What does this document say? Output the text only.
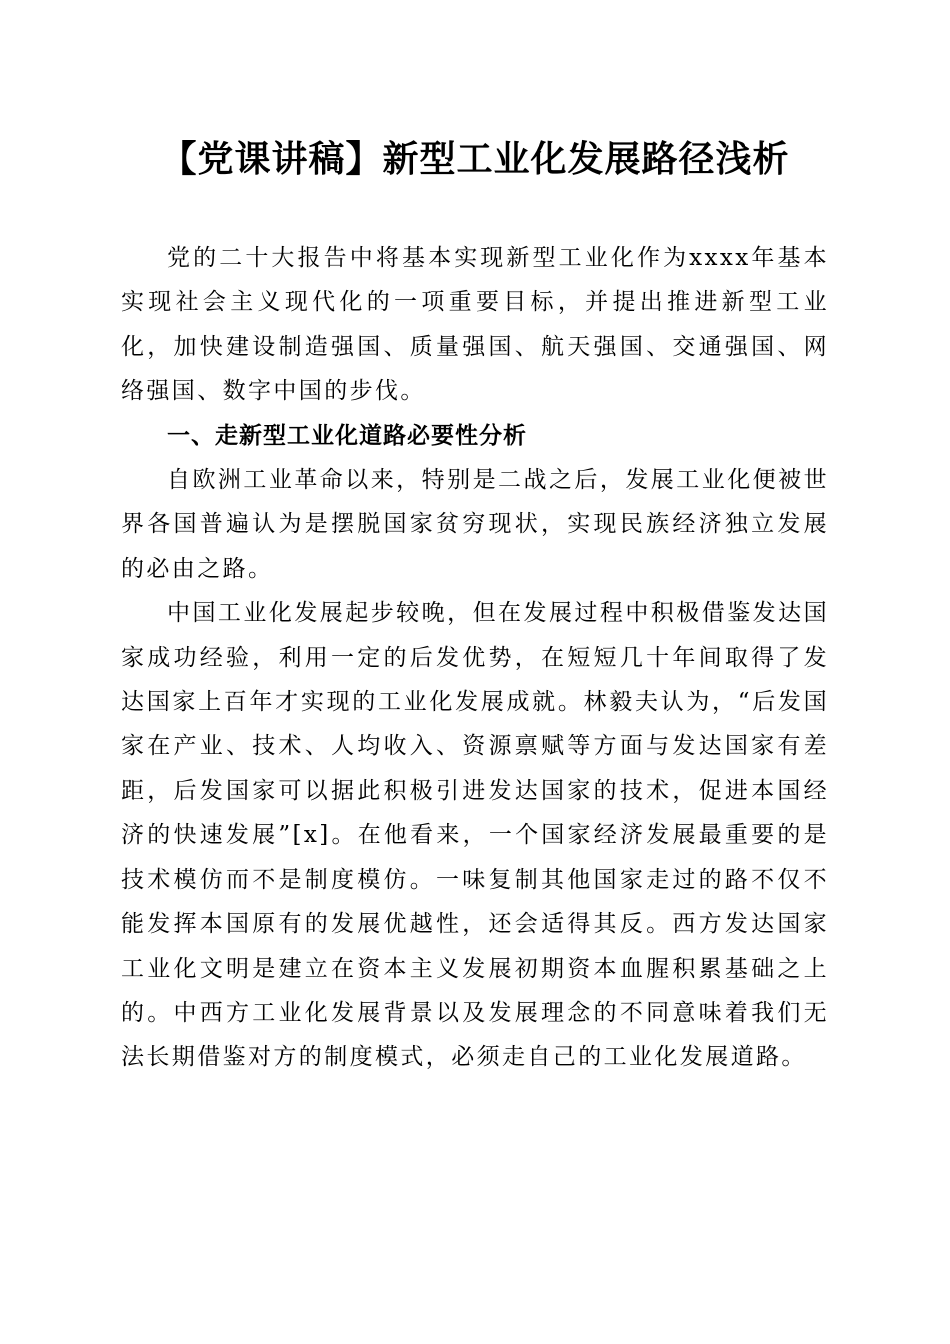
【党课讲稿】新型工业化发展路径浅析

党的二十大报告中将基本实现新型工业化作为xxxx年基本实现社会主义现代化的一项重要目标，并提出推进新型工业化，加快建设制造强国、质量强国、航天强国、交通强国、网络强国、数字中国的步伐。

一、走新型工业化道路必要性分析

自欧洲工业革命以来，特别是二战之后，发展工业化便被世界各国普遍认为是摆脱国家贫穷现状，实现民族经济独立发展的必由之路。

中国工业化发展起步较晚，但在发展过程中积极借鉴发达国家成功经验，利用一定的后发优势，在短短几十年间取得了发达国家上百年才实现的工业化发展成就。林毅夫认为，“后发国家在产业、技术、人均收入、资源禀赋等方面与发达国家有差距，后发国家可以据此积极引进发达国家的技术，促进本国经济的快速发展”[x]。在他看来，一个国家经济发展最重要的是技术模仿而不是制度模仿。一味复制其他国家走过的路不仅不能发挥本国原有的发展优越性，还会适得其反。西方发达国家工业化文明是建立在资本主义发展初期资本血腥积累基础之上的。中西方工业化发展背景以及发展理念的不同意味着我们无法长期借鉴对方的制度模式，必须走自己的工业化发展道路。
